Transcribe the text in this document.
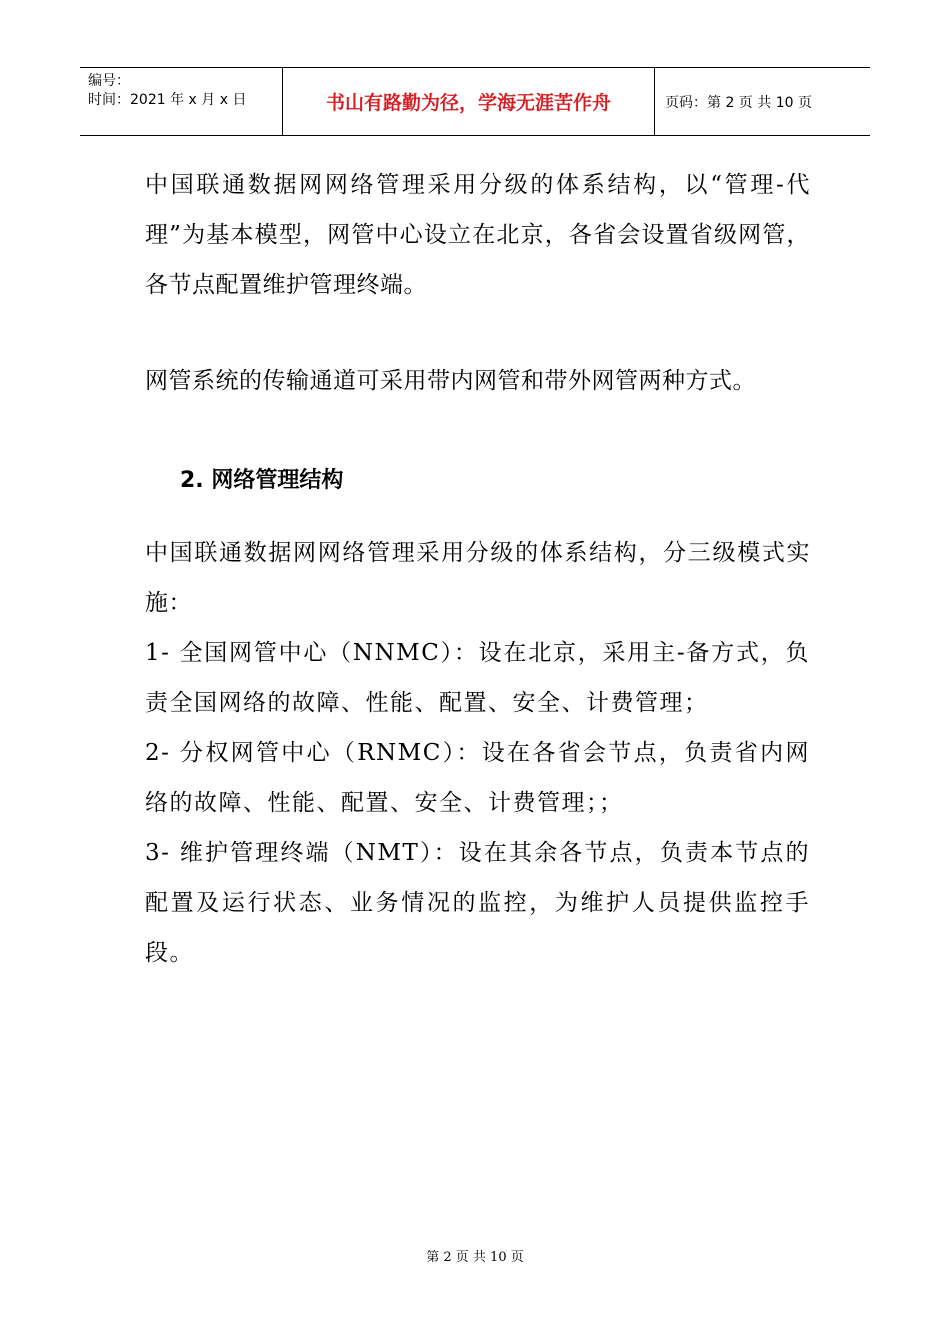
编号：
时间：2021 年 x 月 x 日	书山有路勤为径，学海无涯苦作舟	页码：第 2 页 共 10 页

中国联通数据网网络管理采用分级的体系结构，以“管理-代理”为基本模型，网管中心设立在北京，各省会设置省级网管，各节点配置维护管理终端。

网管系统的传输通道可采用带内网管和带外网管两种方式。

2. 网络管理结构

中国联通数据网网络管理采用分级的体系结构，分三级模式实施：

1- 全国网管中心（NNMC）：设在北京，采用主-备方式，负责全国网络的故障、性能、配置、安全、计费管理；

2- 分权网管中心（RNMC）：设在各省会节点，负责省内网络的故障、性能、配置、安全、计费管理；；

3- 维护管理终端（NMT）：设在其余各节点，负责本节点的配置及运行状态、业务情况的监控，为维护人员提供监控手段。

第 2 页 共 10 页
